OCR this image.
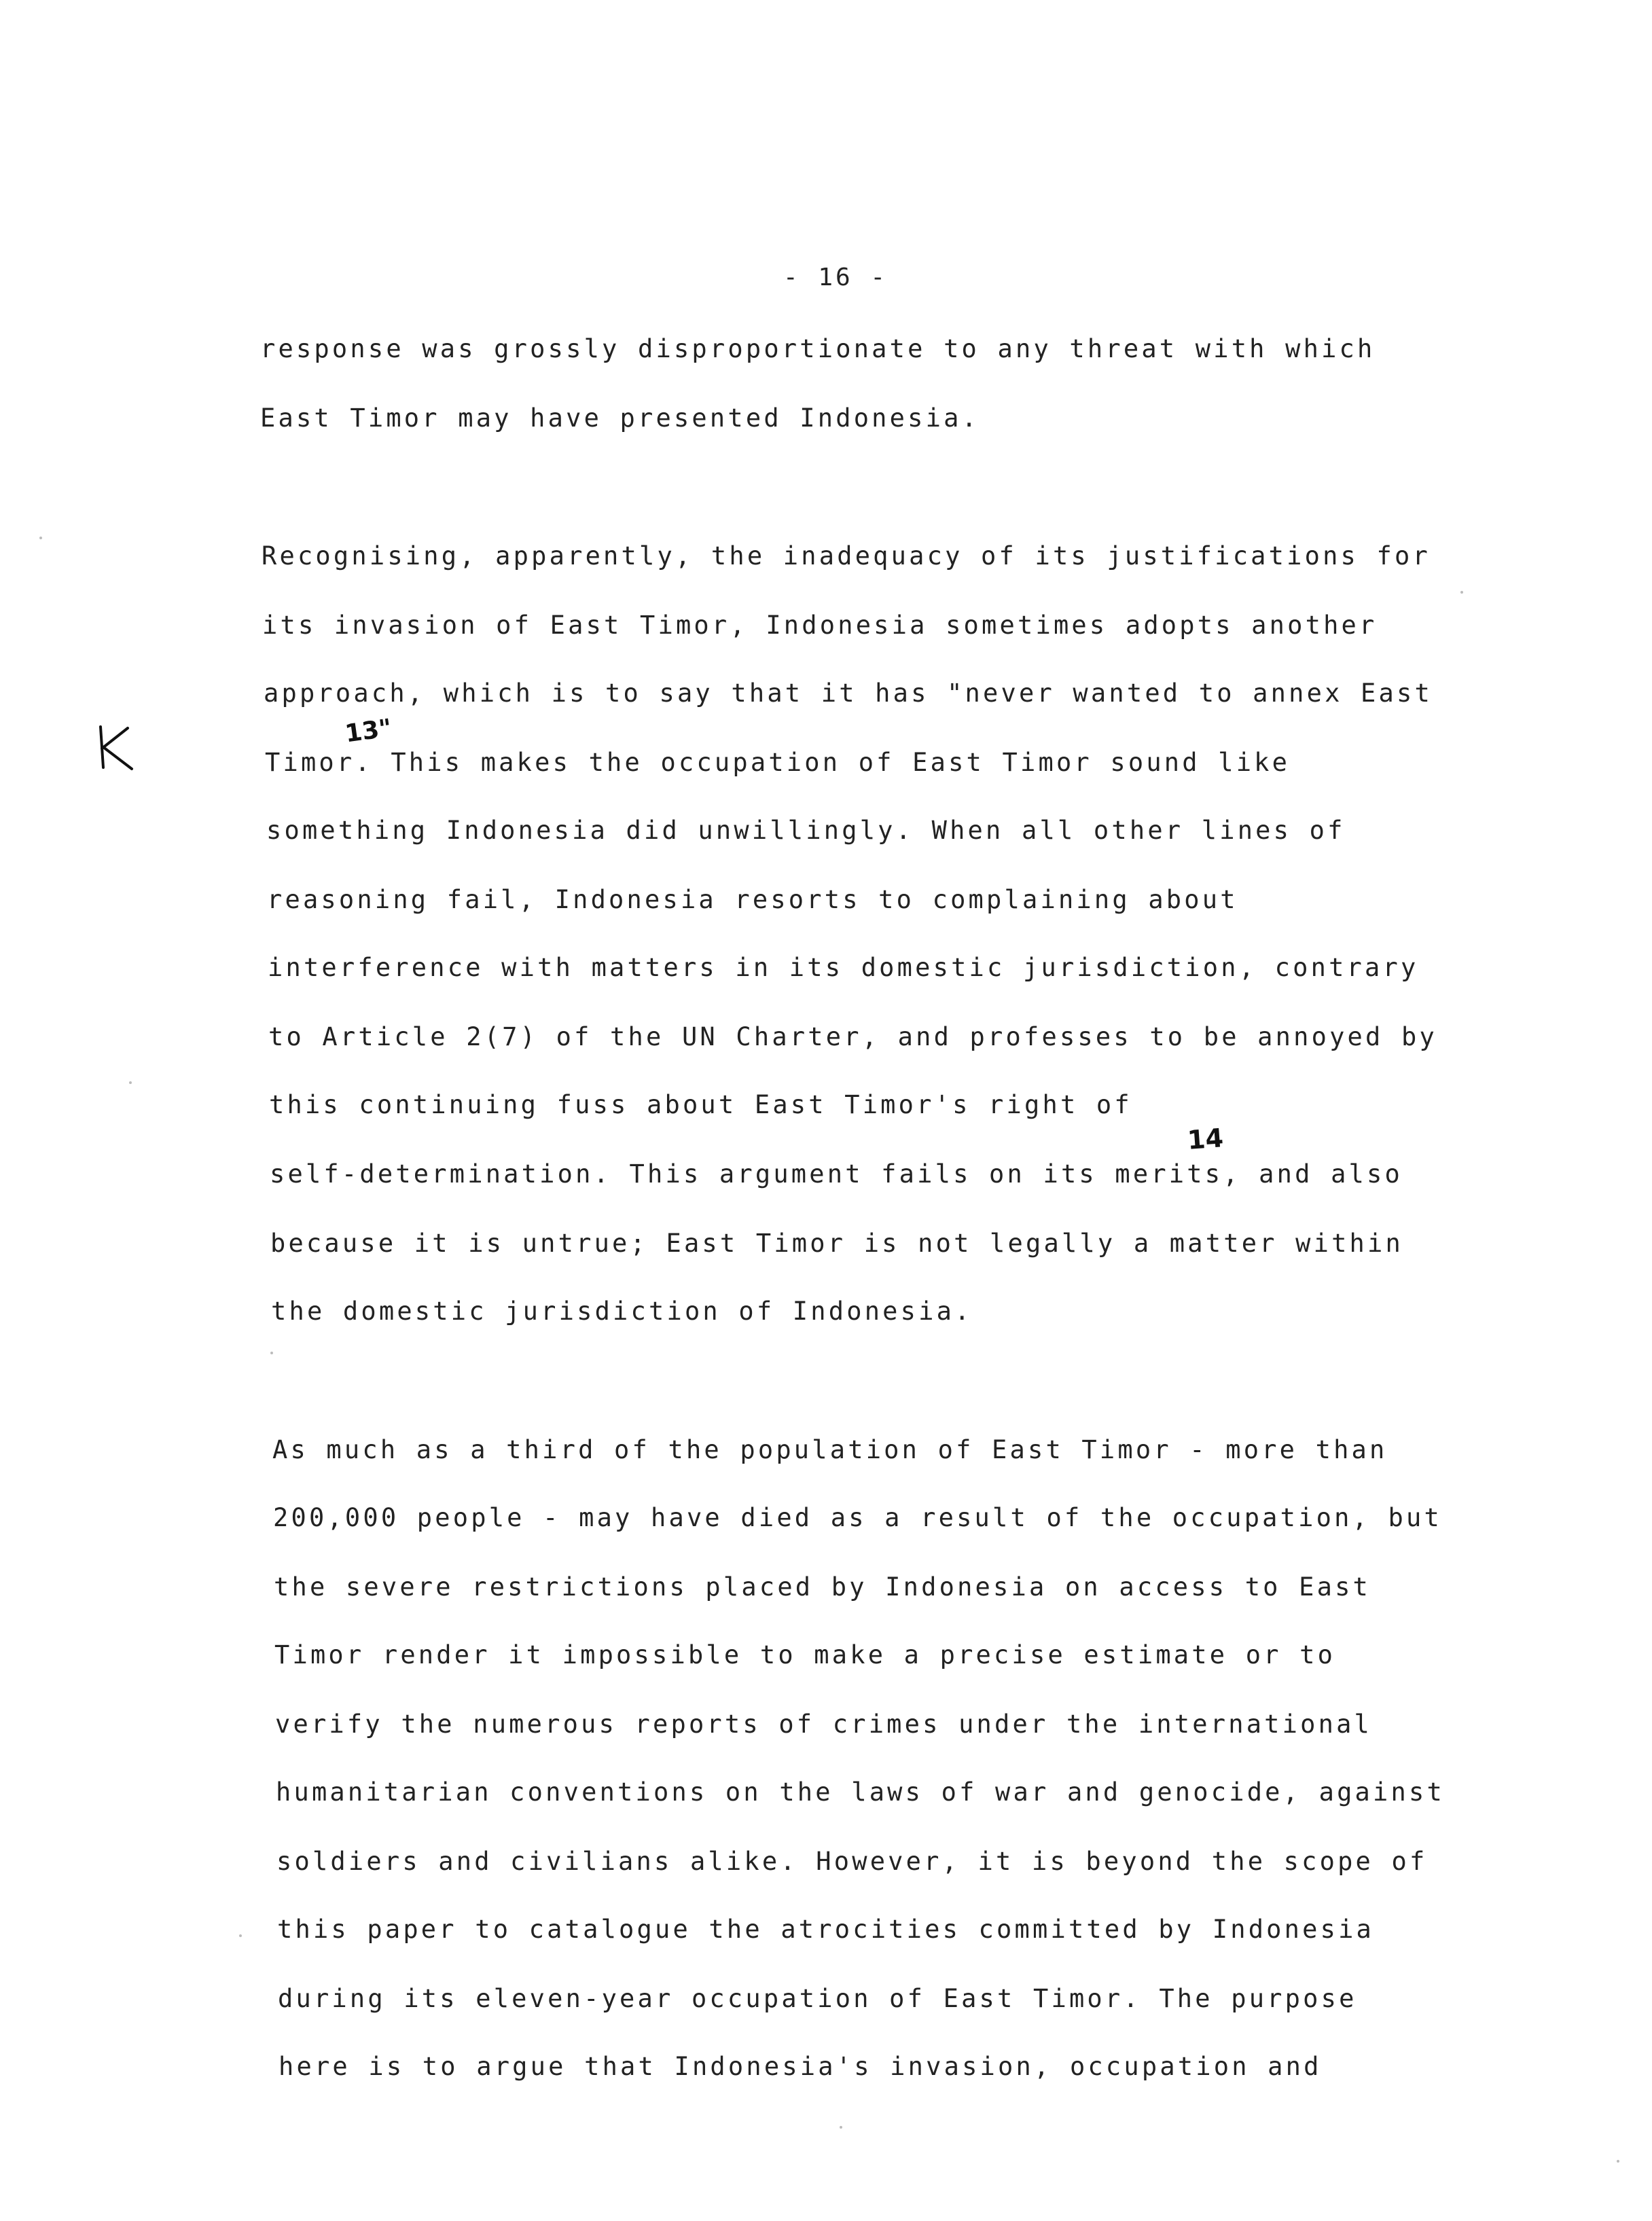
- 16 -
response was grossly disproportionate to any threat with which
East Timor may have presented Indonesia.
Recognising, apparently, the inadequacy of its justifications for
its invasion of East Timor, Indonesia sometimes adopts another
approach, which is to say that it has "never wanted to annex East
Timor. This makes the occupation of East Timor sound like
something Indonesia did unwillingly. When all other lines of
reasoning fail, Indonesia resorts to complaining about
interference with matters in its domestic jurisdiction, contrary
to Article 2(7) of the UN Charter, and professes to be annoyed by
this continuing fuss about East Timor's right of
self-determination. This argument fails on its merits, and also
because it is untrue; East Timor is not legally a matter within
the domestic jurisdiction of Indonesia.
As much as a third of the population of East Timor - more than
200,000 people - may have died as a result of the occupation, but
the severe restrictions placed by Indonesia on access to East
Timor render it impossible to make a precise estimate or to
verify the numerous reports of crimes under the international
humanitarian conventions on the laws of war and genocide, against
soldiers and civilians alike. However, it is beyond the scope of
this paper to catalogue the atrocities committed by Indonesia
during its eleven-year occupation of East Timor. The purpose
here is to argue that Indonesia's invasion, occupation and
13"
14
